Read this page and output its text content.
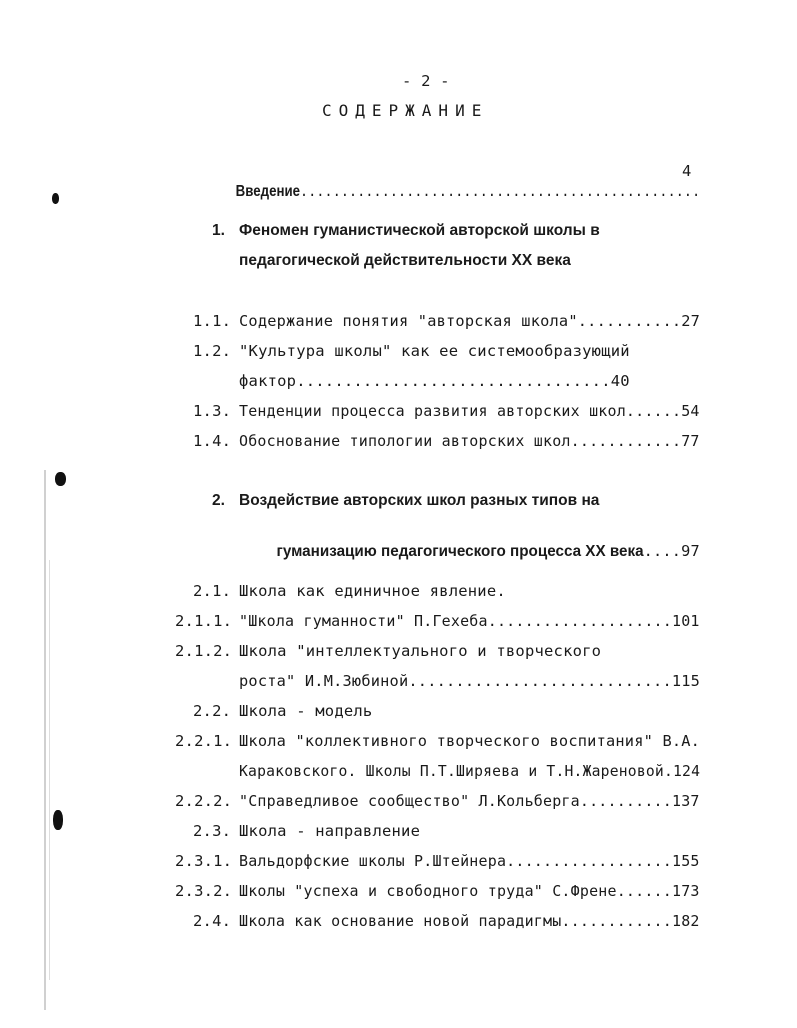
- 2 -
СОДЕРЖАНИЕ

Введение.................................................

4
1. Феномен гуманистической авторской школы в
педагогической действительности XX века
1.1. Содержание понятия "авторская школа"...........27
1.2. "Культура школы" как ее системообразующий
фактор.................................40
1.3. Тенденции процесса развития авторских школ......54
1.4. Обоснование типологии авторских школ............77
2. Воздействие авторских школ разных типов на

гуманизацию педагогического процесса XX века....97

2.1. Школа как единичное явление.
2.1.1. "Школа гуманности" П.Гехеба....................101
2.1.2. Школа "интеллектуального и творческого
роста" И.М.Зюбиной............................115
2.2. Школа - модель
2.2.1. Школа "коллективного творческого воспитания" В.А.
Караковского. Школы П.Т.Ширяева и Т.Н.Жареновой.124
2.2.2. "Справедливое сообщество" Л.Кольберга..........137
2.3. Школа - направление
2.3.1. Вальдорфские школы Р.Штейнера..................155
2.3.2. Школы "успеха и свободного труда" С.Френе......173
2.4. Школа как основание новой парадигмы............182
